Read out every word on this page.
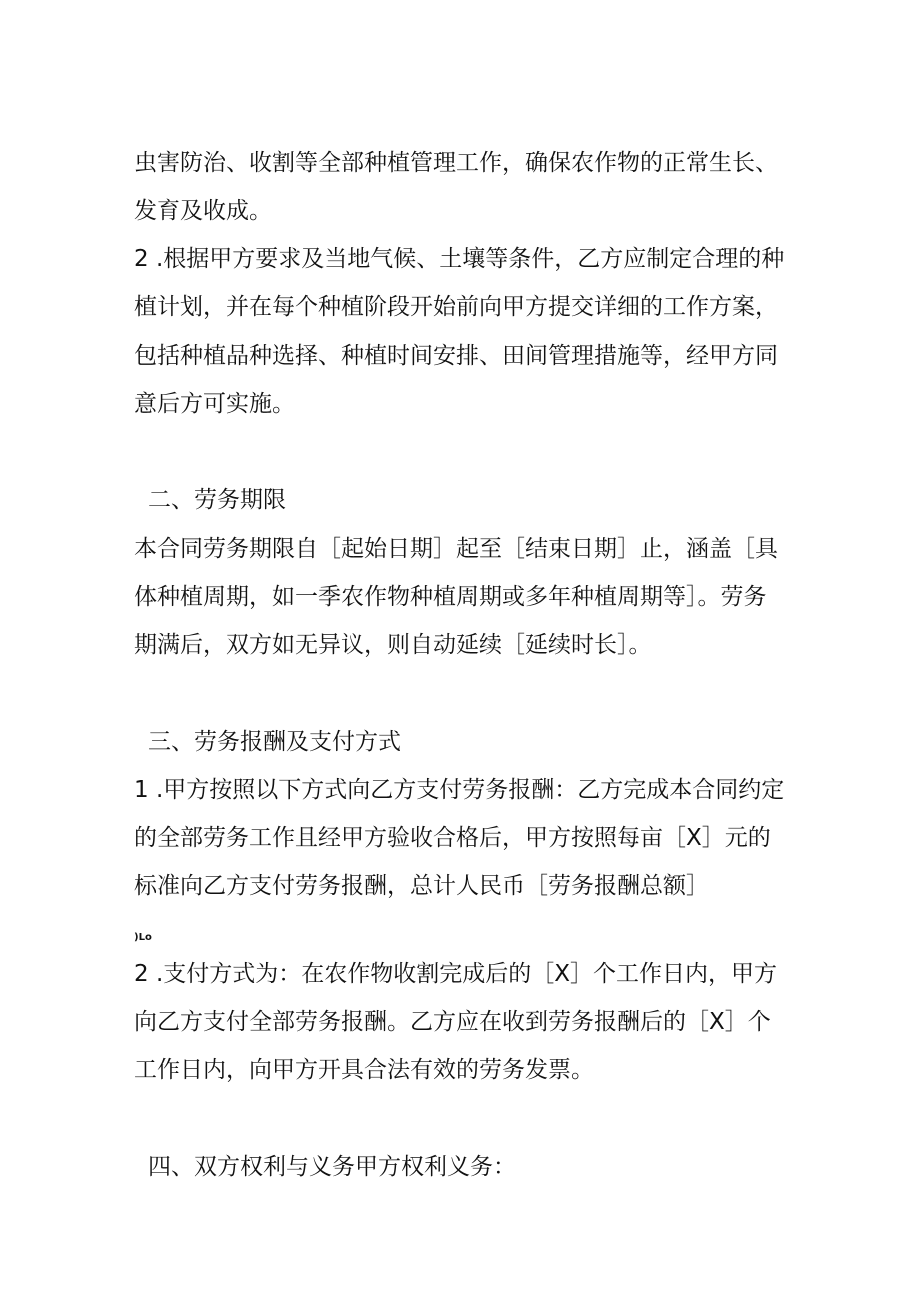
虫害防治、收割等全部种植管理工作，确保农作物的正常生长、
发育及收成。
2 .根据甲方要求及当地气候、土壤等条件，乙方应制定合理的种
植计划，并在每个种植阶段开始前向甲方提交详细的工作方案，
包括种植品种选择、种植时间安排、田间管理措施等，经甲方同
意后方可实施。
二、劳务期限
本合同劳务期限自［起始日期］起至［结束日期］止，涵盖［具
体种植周期，如一季农作物种植周期或多年种植周期等］。劳务
期满后，双方如无异议，则自动延续［延续时长］。
三、劳务报酬及支付方式
1 .甲方按照以下方式向乙方支付劳务报酬：乙方完成本合同约定
的全部劳务工作且经甲方验收合格后，甲方按照每亩［X］元的
标准向乙方支付劳务报酬，总计人民币［劳务报酬总额］
)Lo
2 .支付方式为：在农作物收割完成后的［X］个工作日内，甲方
向乙方支付全部劳务报酬。乙方应在收到劳务报酬后的［X］个
工作日内，向甲方开具合法有效的劳务发票。
四、双方权利与义务甲方权利义务：
